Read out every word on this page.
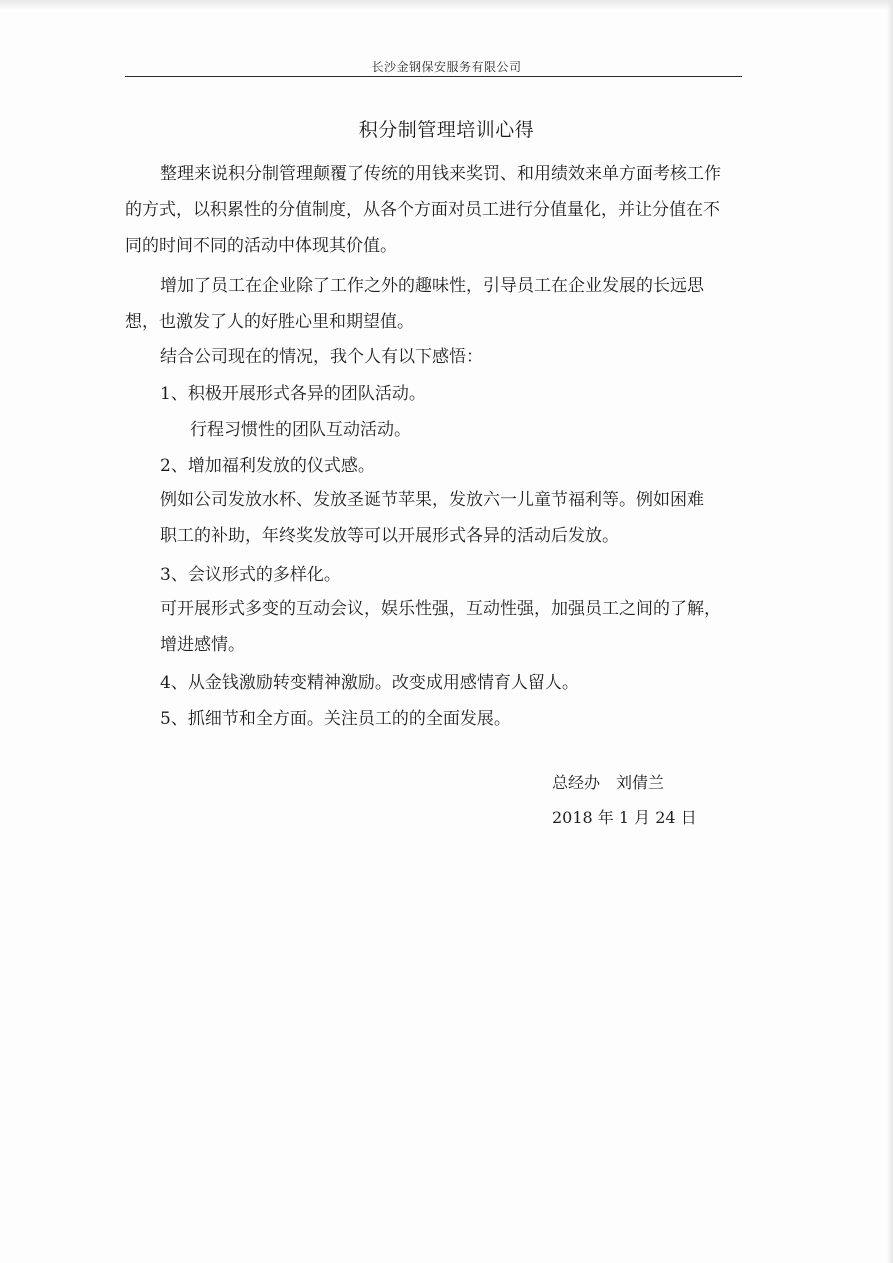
长沙金钢保安服务有限公司
积分制管理培训心得
整理来说积分制管理颠覆了传统的用钱来奖罚、和用绩效来单方面考核工作
的方式，以积累性的分值制度，从各个方面对员工进行分值量化，并让分值在不
同的时间不同的活动中体现其价值。
增加了员工在企业除了工作之外的趣味性，引导员工在企业发展的长远思
想，也激发了人的好胜心里和期望值。
结合公司现在的情况，我个人有以下感悟：
1、积极开展形式各异的团队活动。
行程习惯性的团队互动活动。
2、增加福利发放的仪式感。
例如公司发放水杯、发放圣诞节苹果，发放六一儿童节福利等。例如困难
职工的补助，年终奖发放等可以开展形式各异的活动后发放。
3、会议形式的多样化。
可开展形式多变的互动会议，娱乐性强，互动性强，加强员工之间的了解，
增进感情。
4、从金钱激励转变精神激励。改变成用感情育人留人。
5、抓细节和全方面。关注员工的的全面发展。
总经办　刘倩兰
2018 年 1 月 24 日
